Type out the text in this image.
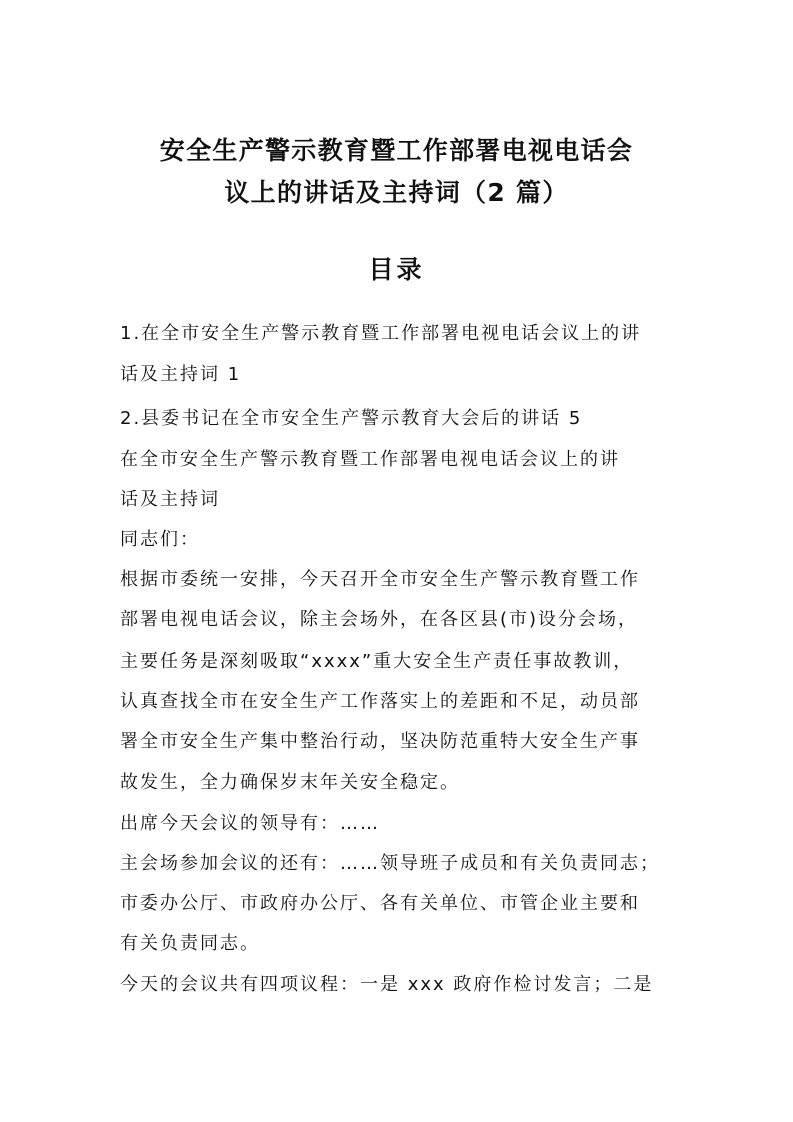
安全生产警示教育暨工作部署电视电话会
议上的讲话及主持词（2 篇）
目录
1.在全市安全生产警示教育暨工作部署电视电话会议上的讲
话及主持词 1
2.县委书记在全市安全生产警示教育大会后的讲话 5
在全市安全生产警示教育暨工作部署电视电话会议上的讲
话及主持词
同志们：
根据市委统一安排，今天召开全市安全生产警示教育暨工作
部署电视电话会议，除主会场外，在各区县(市)设分会场，
主要任务是深刻吸取“xxxx”重大安全生产责任事故教训，
认真查找全市在安全生产工作落实上的差距和不足，动员部
署全市安全生产集中整治行动，坚决防范重特大安全生产事
故发生，全力确保岁末年关安全稳定。
出席今天会议的领导有：……
主会场参加会议的还有：……领导班子成员和有关负责同志；
市委办公厅、市政府办公厅、各有关单位、市管企业主要和
有关负责同志。
今天的会议共有四项议程：一是 xxx 政府作检讨发言；二是
